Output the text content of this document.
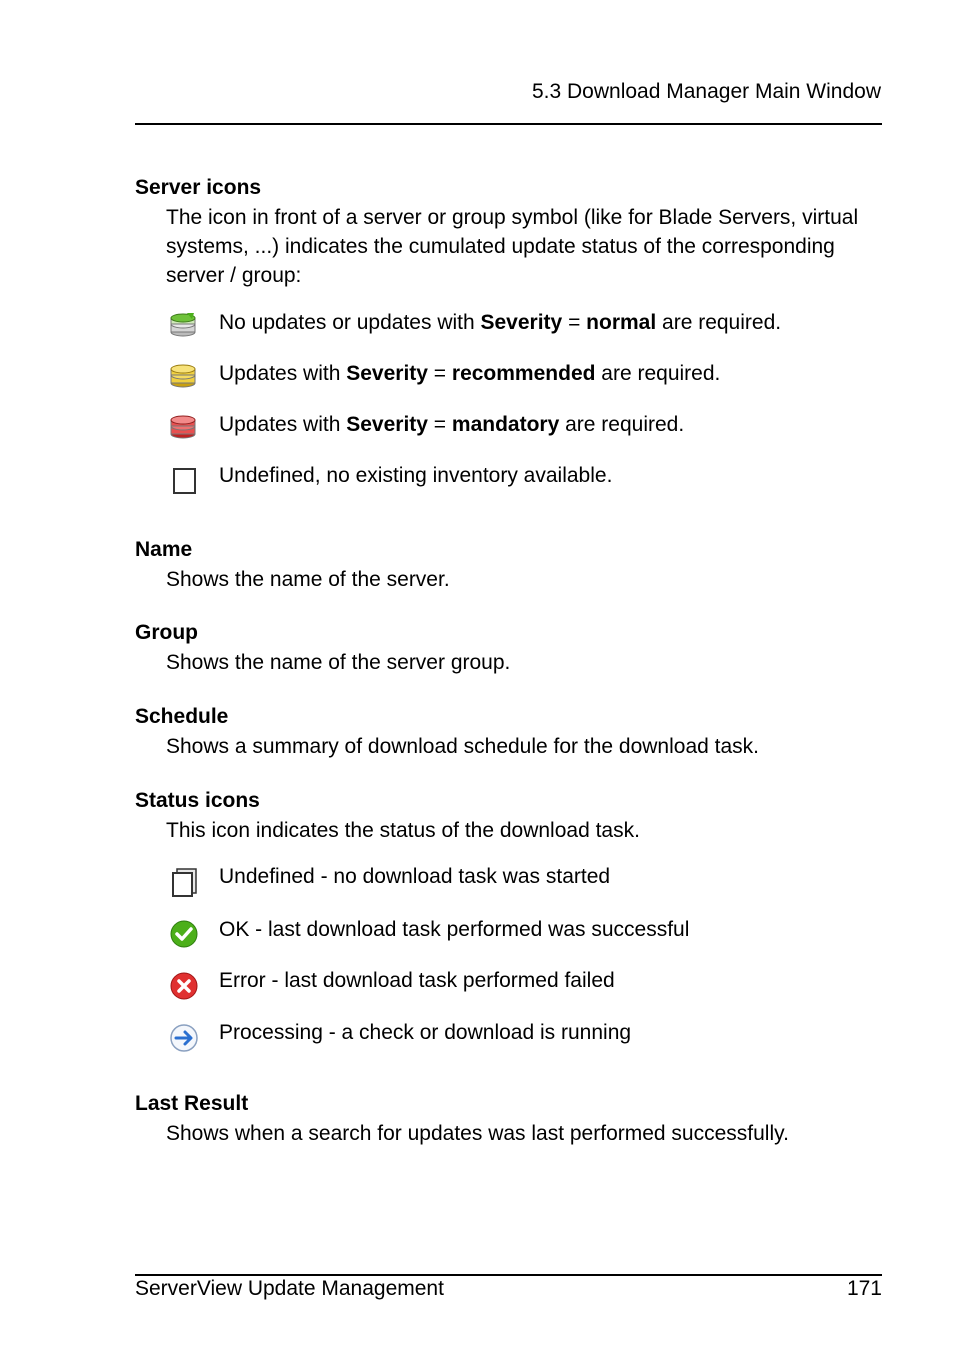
5.3 Download Manager Main Window
Server icons
The icon in front of a server or group symbol (like for Blade Servers, virtual systems, ...) indicates the cumulated update status of the corresponding server / group:
No updates or updates with Severity = normal are required.
Updates with Severity = recommended are required.
Updates with Severity = mandatory are required.
Undefined, no existing inventory available.
Name
Shows the name of the server.
Group
Shows the name of the server group.
Schedule
Shows a summary of download schedule for the download task.
Status icons
This icon indicates the status of the download task.
Undefined - no download task was started
OK - last download task performed was successful
Error - last download task performed failed
Processing - a check or download is running
Last Result
Shows when a search for updates was last performed successfully.
ServerView Update Management	171
